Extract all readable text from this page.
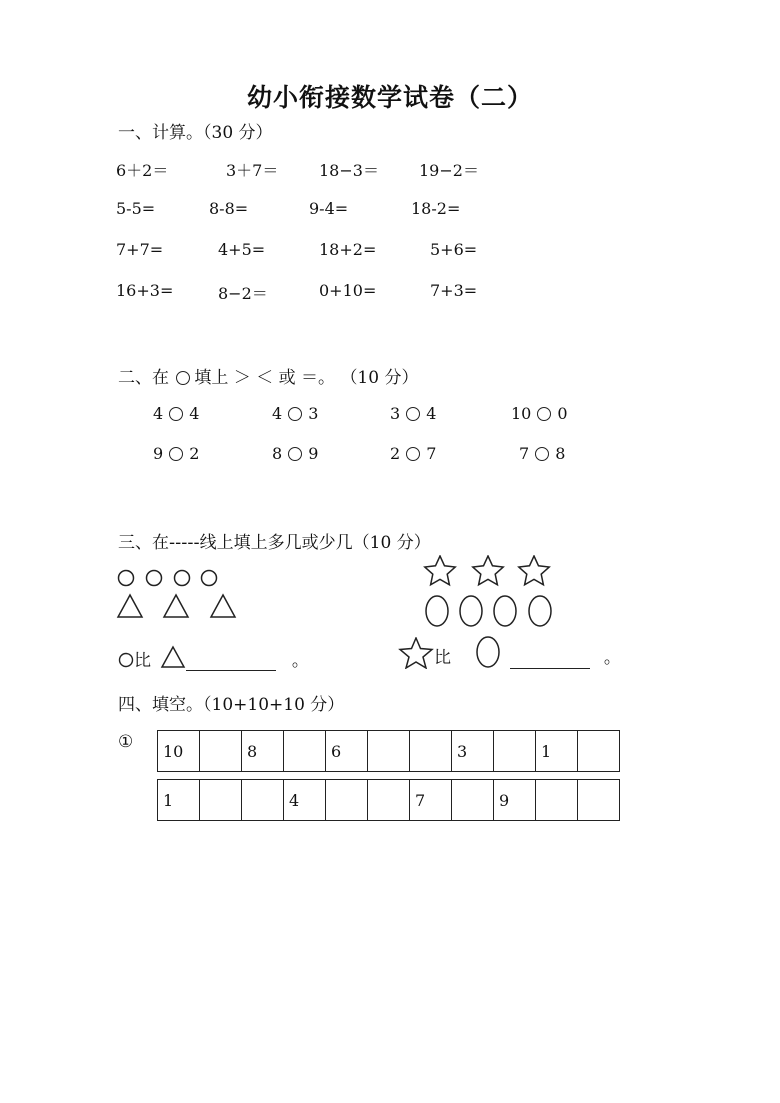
幼小衔接数学试卷（二）
一、计算。（30 分）
6＋2＝	3＋7＝	18−3＝	19−2＝
5-5=	8-8=	9-4=	18-2=
7+7=	4+5=	18+2=	5+6=
16+3=	8−2＝	0+10=	7+3=
二、在 填上 ＞ ＜ 或 ＝。 （10 分）
4 4	4 3	3 4	10 0
9 2	8 9	2 7	7 8
三、在-----线上填上多几或少几（10 分）
比	。	比	。
四、填空。（10+10+10 分）
① 10		8		6			3		1	
1			4			7		9		
